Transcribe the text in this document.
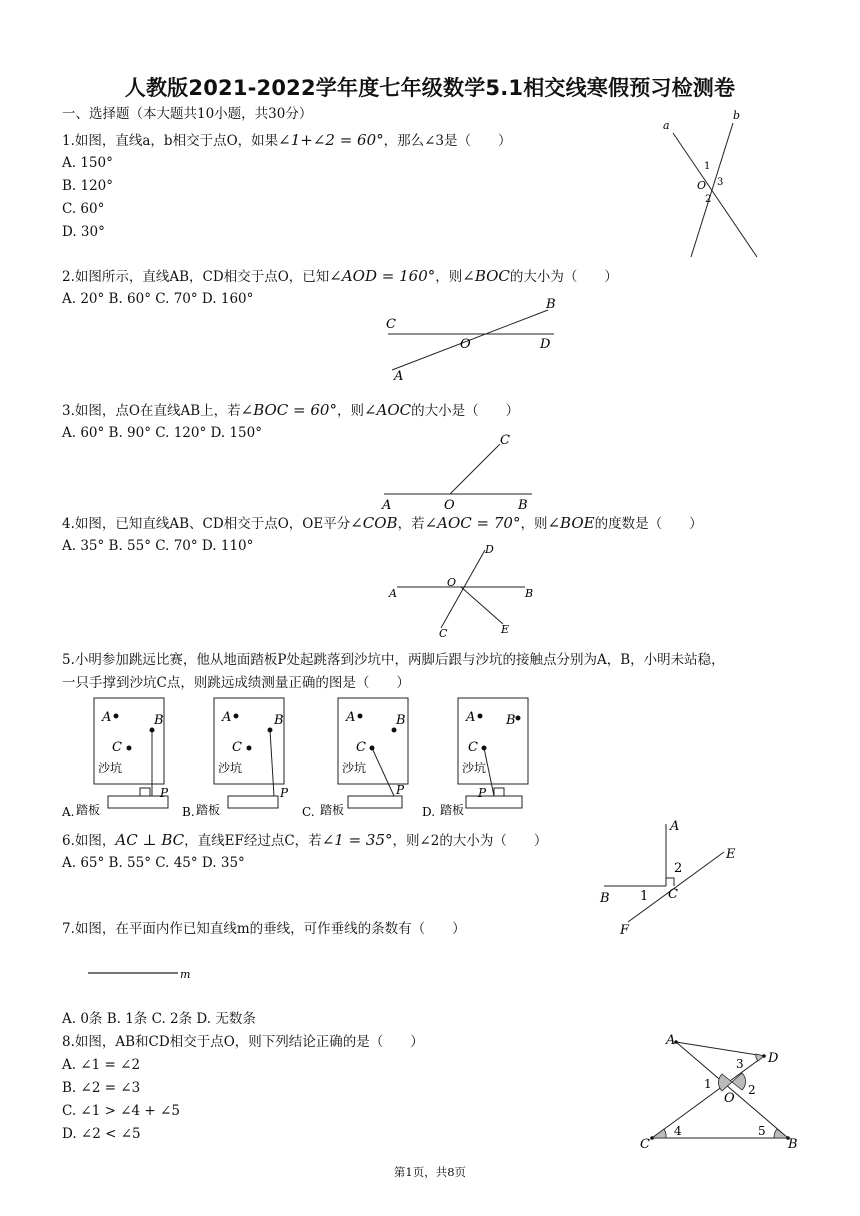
人教版2021-2022学年度七年级数学5.1相交线寒假预习检测卷
一、选择题（本大题共10小题，共30分）
1.如图，直线a，b相交于点O，如果∠1+∠2 = 60°，那么∠3是（　　）
A. 150°
B. 120°
C. 60°
D. 30°
a
b
O
1
3
2
2.如图所示，直线AB，CD相交于点O，已知∠AOD = 160°，则∠BOC的大小为（　　）
A. 20° B. 60° C. 70° D. 160°
C
B
O	D
A
3.如图，点O在直线AB上，若∠BOC = 60°，则∠AOC的大小是（　　）
A. 60° B. 90° C. 120° D. 150°	C
A	O	B
4.如图，已知直线AB、CD相交于点O，OE平分∠COB，若∠AOC = 70°，则∠BOE的度数是（　　）
A. 35° B. 55° C. 70° D. 110°	D
O
A	B
C	E
5.小明参加跳远比赛，他从地面踏板P处起跳落到沙坑中，两脚后跟与沙坑的接触点分别为A，B，小明未站稳，
一只手撑到沙坑C点，则跳远成绩测量正确的图是（　　）
A	B
C
沙坑
P
A. 踏板
A	B
C
沙坑
P
B. 踏板
A	B
C
沙坑
P
C. 踏板
A B
C
沙坑
P
D. 踏板
6.如图，AC ⊥ BC，直线EF经过点C，若∠1 = 35°，则∠2的大小为（　　）
A. 65° B. 55° C. 45° D. 35°
A
E
2
B 1 C
F
7.如图，在平面内作已知直线m的垂线，可作垂线的条数有（　　）
m
A. 0条 B. 1条 C. 2条 D. 无数条
8.如图，AB和CD相交于点O，则下列结论正确的是（　　）
A. ∠1 = ∠2
B. ∠2 = ∠3
C. ∠1 > ∠4 + ∠5
D. ∠2 < ∠5
A
D
3
1	2
O
4	5
C	B
第1页，共8页
